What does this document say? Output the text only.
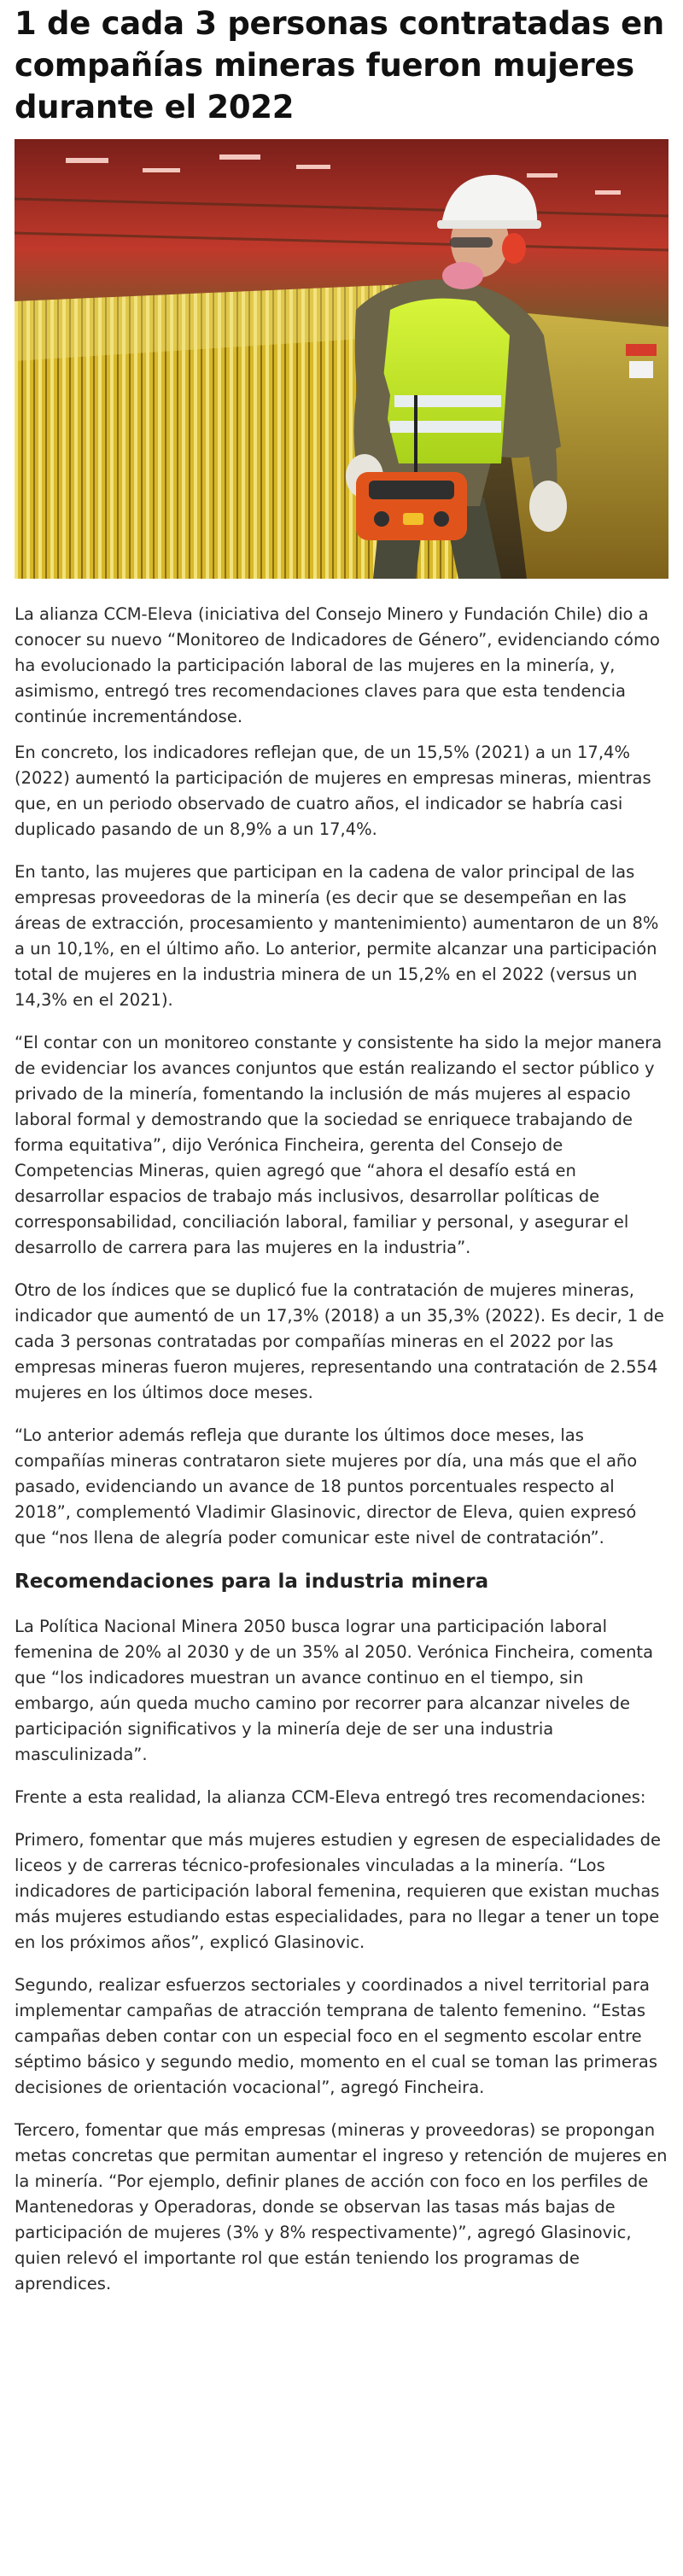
1 de cada 3 personas contratadas en compañías mineras fueron mujeres durante el 2022

La alianza CCM-Eleva (iniciativa del Consejo Minero y Fundación Chile) dio a conocer su nuevo “Monitoreo de Indicadores de Género”, evidenciando cómo ha evolucionado la participación laboral de las mujeres en la minería, y, asimismo, entregó tres recomendaciones claves para que esta tendencia continúe incrementándose.

En concreto, los indicadores reflejan que, de un 15,5% (2021) a un 17,4% (2022) aumentó la participación de mujeres en empresas mineras, mientras que, en un periodo observado de cuatro años, el indicador se habría casi duplicado pasando de un 8,9% a un 17,4%.

En tanto, las mujeres que participan en la cadena de valor principal de las empresas proveedoras de la minería (es decir que se desempeñan en las áreas de extracción, procesamiento y mantenimiento) aumentaron de un 8% a un 10,1%, en el último año. Lo anterior, permite alcanzar una participación total de mujeres en la industria minera de un 15,2% en el 2022 (versus un 14,3% en el 2021).

“El contar con un monitoreo constante y consistente ha sido la mejor manera de evidenciar los avances conjuntos que están realizando el sector público y privado de la minería, fomentando la inclusión de más mujeres al espacio laboral formal y demostrando que la sociedad se enriquece trabajando de forma equitativa”, dijo Verónica Fincheira, gerenta del Consejo de Competencias Mineras, quien agregó que “ahora el desafío está en desarrollar espacios de trabajo más inclusivos, desarrollar políticas de corresponsabilidad, conciliación laboral, familiar y personal, y asegurar el desarrollo de carrera para las mujeres en la industria”.

Otro de los índices que se duplicó fue la contratación de mujeres mineras, indicador que aumentó de un 17,3% (2018) a un 35,3% (2022). Es decir, 1 de cada 3 personas contratadas por compañías mineras en el 2022 por las empresas mineras fueron mujeres, representando una contratación de 2.554 mujeres en los últimos doce meses.

“Lo anterior además refleja que durante los últimos doce meses, las compañías mineras contrataron siete mujeres por día, una más que el año pasado, evidenciando un avance de 18 puntos porcentuales respecto al 2018”, complementó Vladimir Glasinovic, director de Eleva, quien expresó que “nos llena de alegría poder comunicar este nivel de contratación”.

Recomendaciones para la industria minera

La Política Nacional Minera 2050 busca lograr una participación laboral femenina de 20% al 2030 y de un 35% al 2050. Verónica Fincheira, comenta que “los indicadores muestran un avance continuo en el tiempo, sin embargo, aún queda mucho camino por recorrer para alcanzar niveles de participación significativos y la minería deje de ser una industria masculinizada”.

Frente a esta realidad, la alianza CCM-Eleva entregó tres recomendaciones:

Primero, fomentar que más mujeres estudien y egresen de especialidades de liceos y de carreras técnico-profesionales vinculadas a la minería. “Los indicadores de participación laboral femenina, requieren que existan muchas más mujeres estudiando estas especialidades, para no llegar a tener un tope en los próximos años”, explicó Glasinovic.

Segundo, realizar esfuerzos sectoriales y coordinados a nivel territorial para implementar campañas de atracción temprana de talento femenino. “Estas campañas deben contar con un especial foco en el segmento escolar entre séptimo básico y segundo medio, momento en el cual se toman las primeras decisiones de orientación vocacional”, agregó Fincheira.

Tercero, fomentar que más empresas (mineras y proveedoras) se propongan metas concretas que permitan aumentar el ingreso y retención de mujeres en la minería. “Por ejemplo, definir planes de acción con foco en los perfiles de Mantenedoras y Operadoras, donde se observan las tasas más bajas de participación de mujeres (3% y 8% respectivamente)”, agregó Glasinovic, quien relevó el importante rol que están teniendo los programas de aprendices.
